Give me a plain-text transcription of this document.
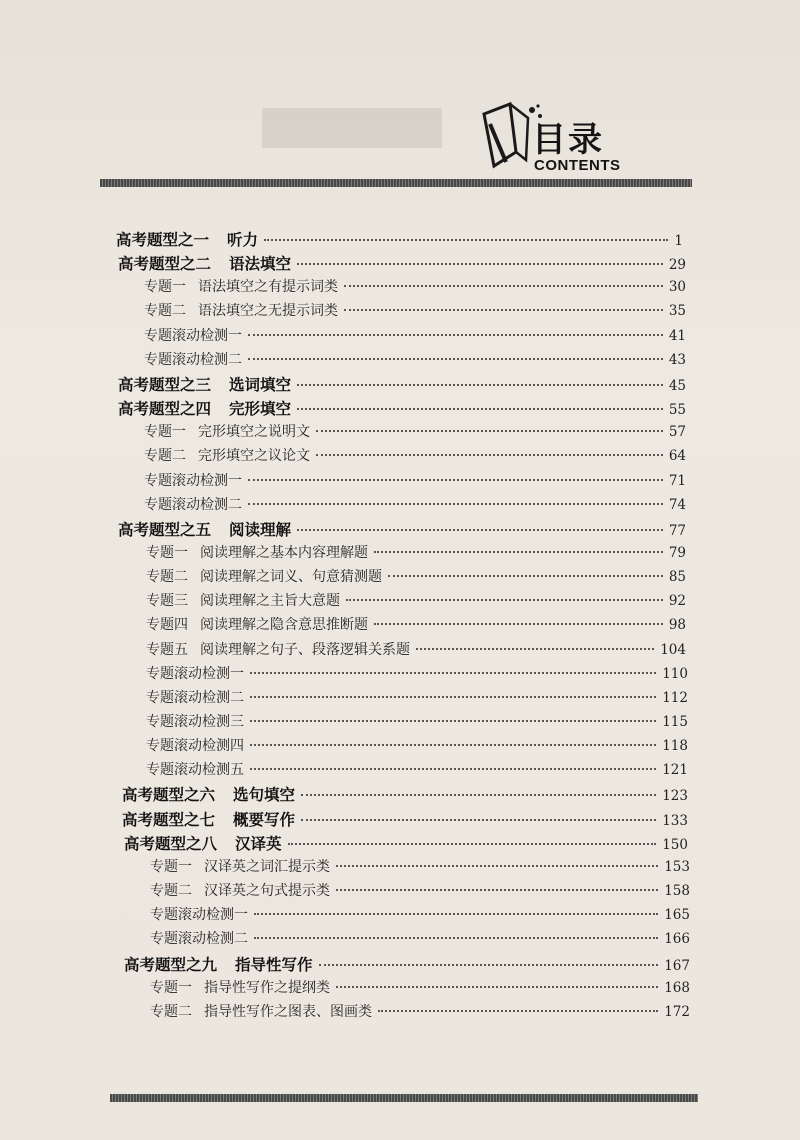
目录
CONTENTS
高考题型之一 听力	1
高考题型之二 语法填空	29
专题一 语法填空之有提示词类	30
专题二 语法填空之无提示词类	35
专题滚动检测一	41
专题滚动检测二	43
高考题型之三 选词填空	45
高考题型之四 完形填空	55
专题一 完形填空之说明文	57
专题二 完形填空之议论文	64
专题滚动检测一	71
专题滚动检测二	74
高考题型之五 阅读理解	77
专题一 阅读理解之基本内容理解题	79
专题二 阅读理解之词义、句意猜测题	85
专题三 阅读理解之主旨大意题	92
专题四 阅读理解之隐含意思推断题	98
专题五 阅读理解之句子、段落逻辑关系题	104
专题滚动检测一	110
专题滚动检测二	112
专题滚动检测三	115
专题滚动检测四	118
专题滚动检测五	121
高考题型之六 选句填空	123
高考题型之七 概要写作	133
高考题型之八 汉译英	150
专题一 汉译英之词汇提示类	153
专题二 汉译英之句式提示类	158
专题滚动检测一	165
专题滚动检测二	166
高考题型之九 指导性写作	167
专题一 指导性写作之提纲类	168
专题二 指导性写作之图表、图画类	172
